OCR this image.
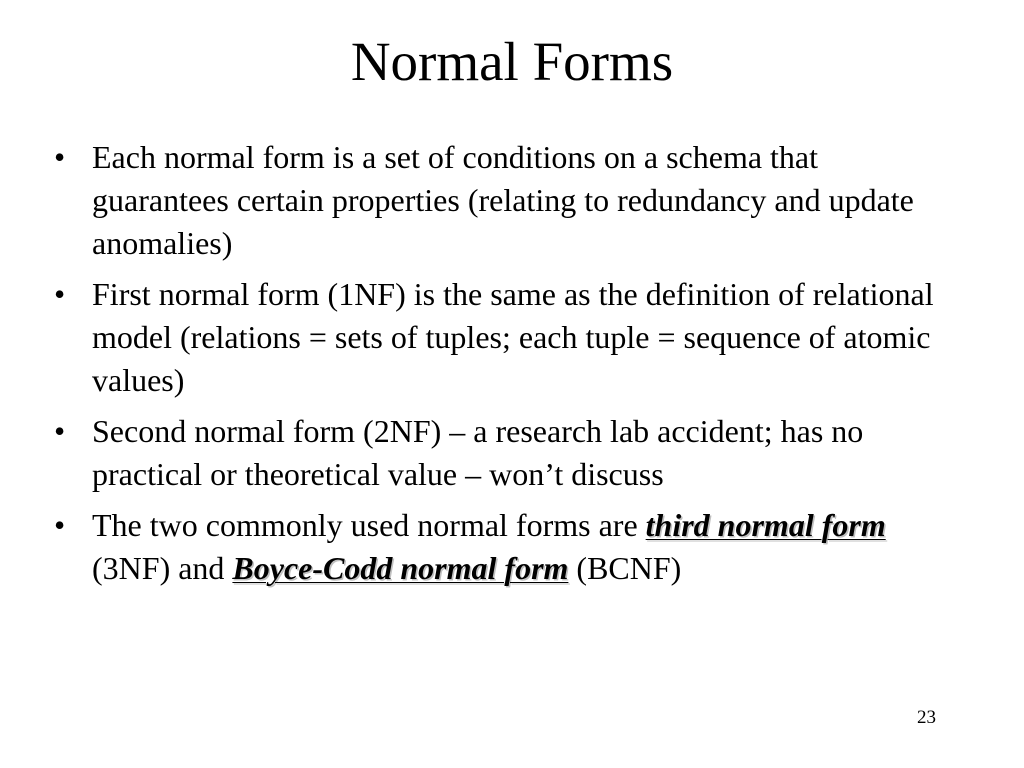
Normal Forms
• Each normal form is a set of conditions on a schema that guarantees certain properties (relating to redundancy and update anomalies)
• First normal form (1NF) is the same as the definition of relational model (relations = sets of tuples; each tuple = sequence of atomic values)
• Second normal form (2NF) – a research lab accident; has no practical or theoretical value – won’t discuss
• The two commonly used normal forms are third normal form (3NF) and Boyce-Codd normal form (BCNF)
23
